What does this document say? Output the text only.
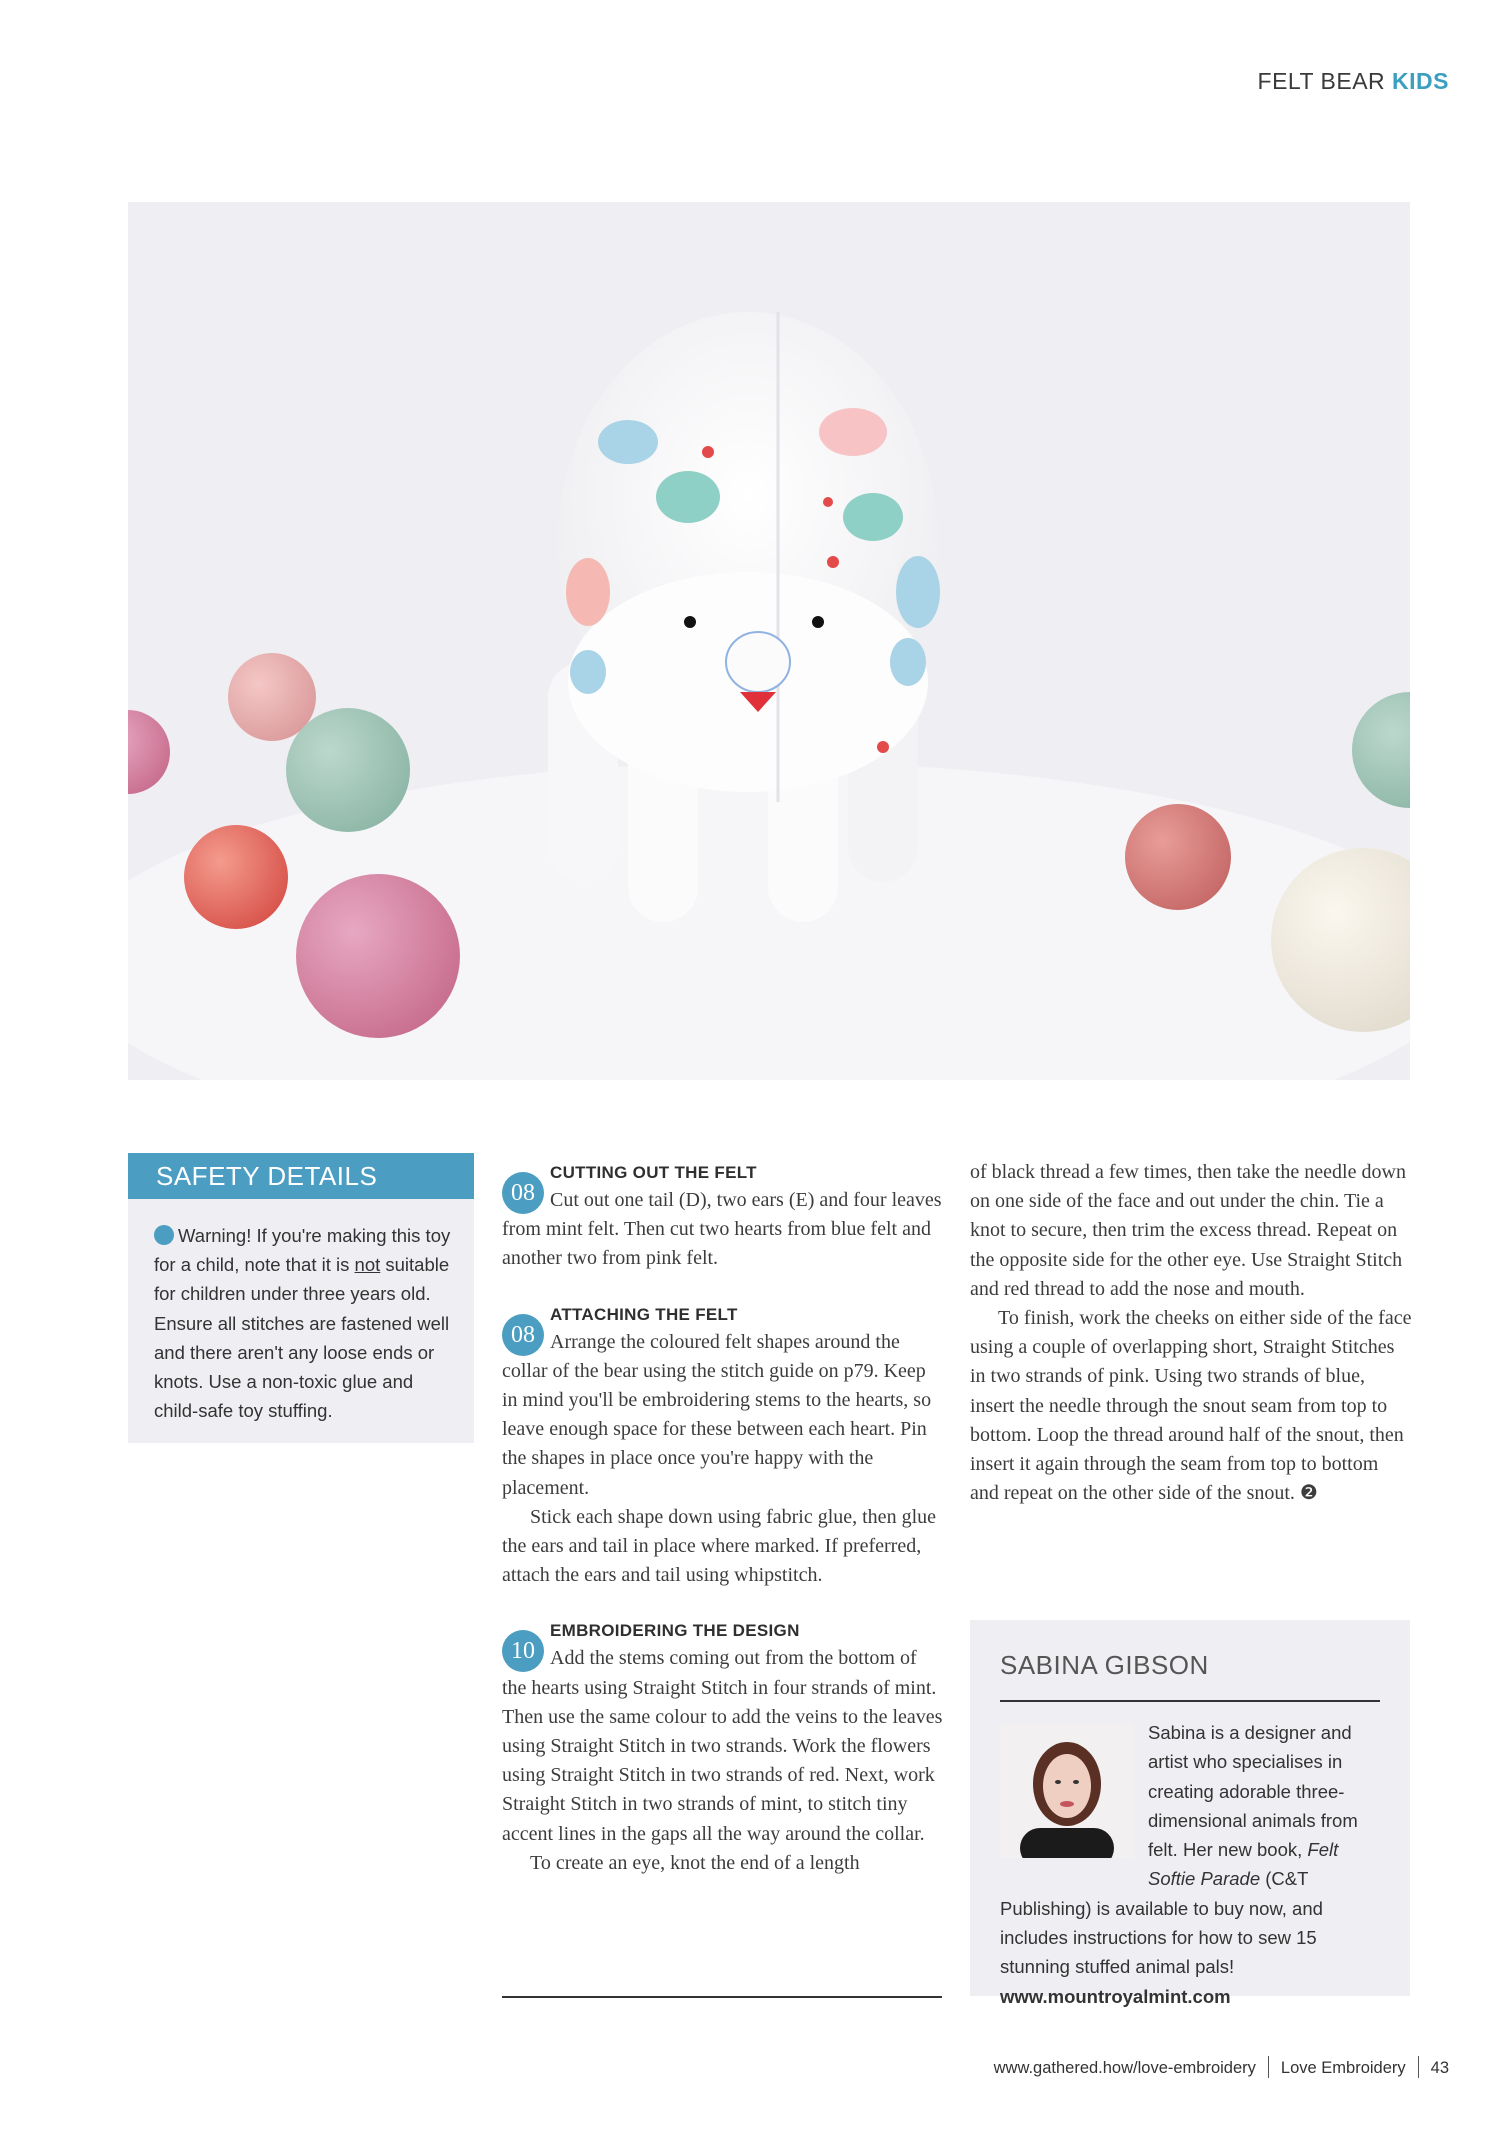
FELT BEAR KIDS
SAFETY DETAILS
Warning! If you're making this toy
for a child, note that it is not suitable for children under three years old. Ensure all stitches are fastened well and there aren't any loose ends or knots. Use a non-toxic glue and child-safe toy stuffing.
08
CUTTING OUT THE FELT

Cut out one tail (D), two ears (E) and four leaves from mint felt. Then cut two hearts from blue felt and another two from pink felt.

08
ATTACHING THE FELT

Arrange the coloured felt shapes around the collar of the bear using the stitch guide on p79. Keep in mind you'll be embroidering stems to the hearts, so leave enough space for these between each heart. Pin the shapes in place once you're happy with the placement.

Stick each shape down using fabric glue, then glue the ears and tail in place where marked. If preferred, attach the ears and tail using whipstitch.

10
EMBROIDERING THE DESIGN

Add the stems coming out from the bottom of the hearts using Straight Stitch in four strands of mint. Then use the same colour to add the veins to the leaves using Straight Stitch in two strands. Work the flowers using Straight Stitch in two strands of red. Next, work Straight Stitch in two strands of mint, to stitch tiny accent lines in the gaps all the way around the collar.

To create an eye, knot the end of a length

of black thread a few times, then take the needle down on one side of the face and out under the chin. Tie a knot to secure, then trim the excess thread. Repeat on the opposite side for the other eye. Use Straight Stitch and red thread to add the nose and mouth.

To finish, work the cheeks on either side of the face using a couple of overlapping short, Straight Stitches in two strands of pink. Using two strands of blue, insert the needle through the snout seam from top to bottom. Loop the thread around half of the snout, then insert it again through the seam from top to bottom and repeat on the other side of the snout. ❷

SABINA GIBSON
Sabina is a designer and artist who specialises in creating adorable three-dimensional animals from felt. Her new book, Felt Softie Parade (C&T Publishing) is available to buy now, and includes instructions for how to sew 15 stunning stuffed animal pals!
www.mountroyalmint.com
www.gathered.how/love-embroidery Love Embroidery 43
